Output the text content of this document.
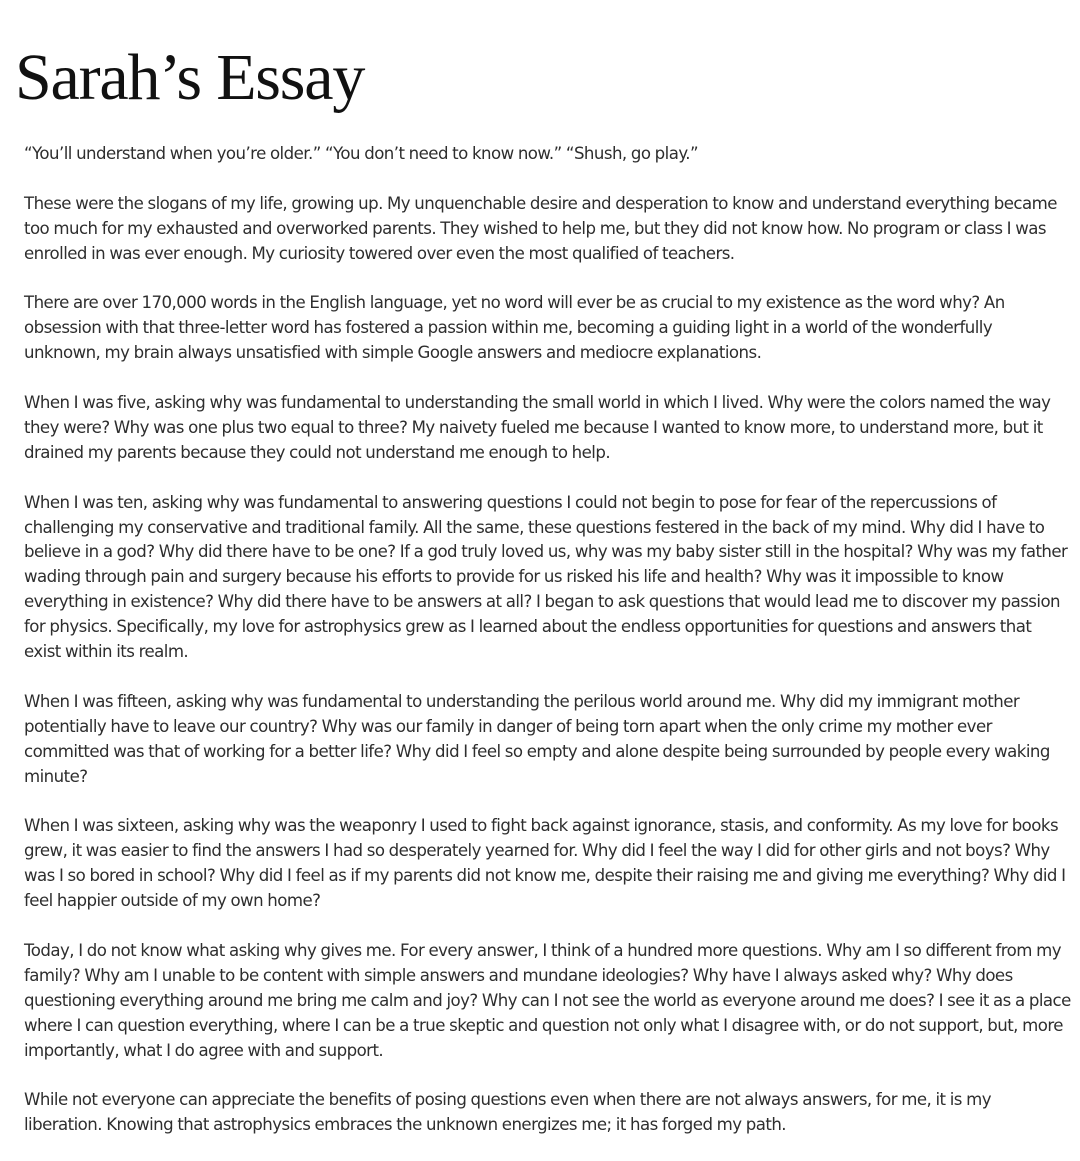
Sarah’s Essay

“You’ll understand when you’re older.” “You don’t need to know now.” “Shush, go play.”

These were the slogans of my life, growing up. My unquenchable desire and desperation to know and understand everything became too much for my exhausted and overworked parents. They wished to help me, but they did not know how. No program or class I was enrolled in was ever enough. My curiosity towered over even the most qualified of teachers.

There are over 170,000 words in the English language, yet no word will ever be as crucial to my existence as the word why? An obsession with that three-letter word has fostered a passion within me, becoming a guiding light in a world of the wonderfully unknown, my brain always unsatisfied with simple Google answers and mediocre explanations.

When I was five, asking why was fundamental to understanding the small world in which I lived. Why were the colors named the way they were? Why was one plus two equal to three? My naivety fueled me because I wanted to know more, to understand more, but it drained my parents because they could not understand me enough to help.

When I was ten, asking why was fundamental to answering questions I could not begin to pose for fear of the repercussions of challenging my conservative and traditional family. All the same, these questions festered in the back of my mind. Why did I have to believe in a god? Why did there have to be one? If a god truly loved us, why was my baby sister still in the hospital? Why was my father wading through pain and surgery because his efforts to provide for us risked his life and health? Why was it impossible to know everything in existence? Why did there have to be answers at all? I began to ask questions that would lead me to discover my passion for physics. Specifically, my love for astrophysics grew as I learned about the endless opportunities for questions and answers that exist within its realm.

When I was fifteen, asking why was fundamental to understanding the perilous world around me. Why did my immigrant mother potentially have to leave our country? Why was our family in danger of being torn apart when the only crime my mother ever committed was that of working for a better life? Why did I feel so empty and alone despite being surrounded by people every waking minute?

When I was sixteen, asking why was the weaponry I used to fight back against ignorance, stasis, and conformity. As my love for books grew, it was easier to find the answers I had so desperately yearned for. Why did I feel the way I did for other girls and not boys? Why was I so bored in school? Why did I feel as if my parents did not know me, despite their raising me and giving me everything? Why did I feel happier outside of my own home?

Today, I do not know what asking why gives me. For every answer, I think of a hundred more questions. Why am I so different from my family? Why am I unable to be content with simple answers and mundane ideologies? Why have I always asked why? Why does questioning everything around me bring me calm and joy? Why can I not see the world as everyone around me does? I see it as a place where I can question everything, where I can be a true skeptic and question not only what I disagree with, or do not support, but, more importantly, what I do agree with and support.

While not everyone can appreciate the benefits of posing questions even when there are not always answers, for me, it is my liberation. Knowing that astrophysics embraces the unknown energizes me; it has forged my path.
